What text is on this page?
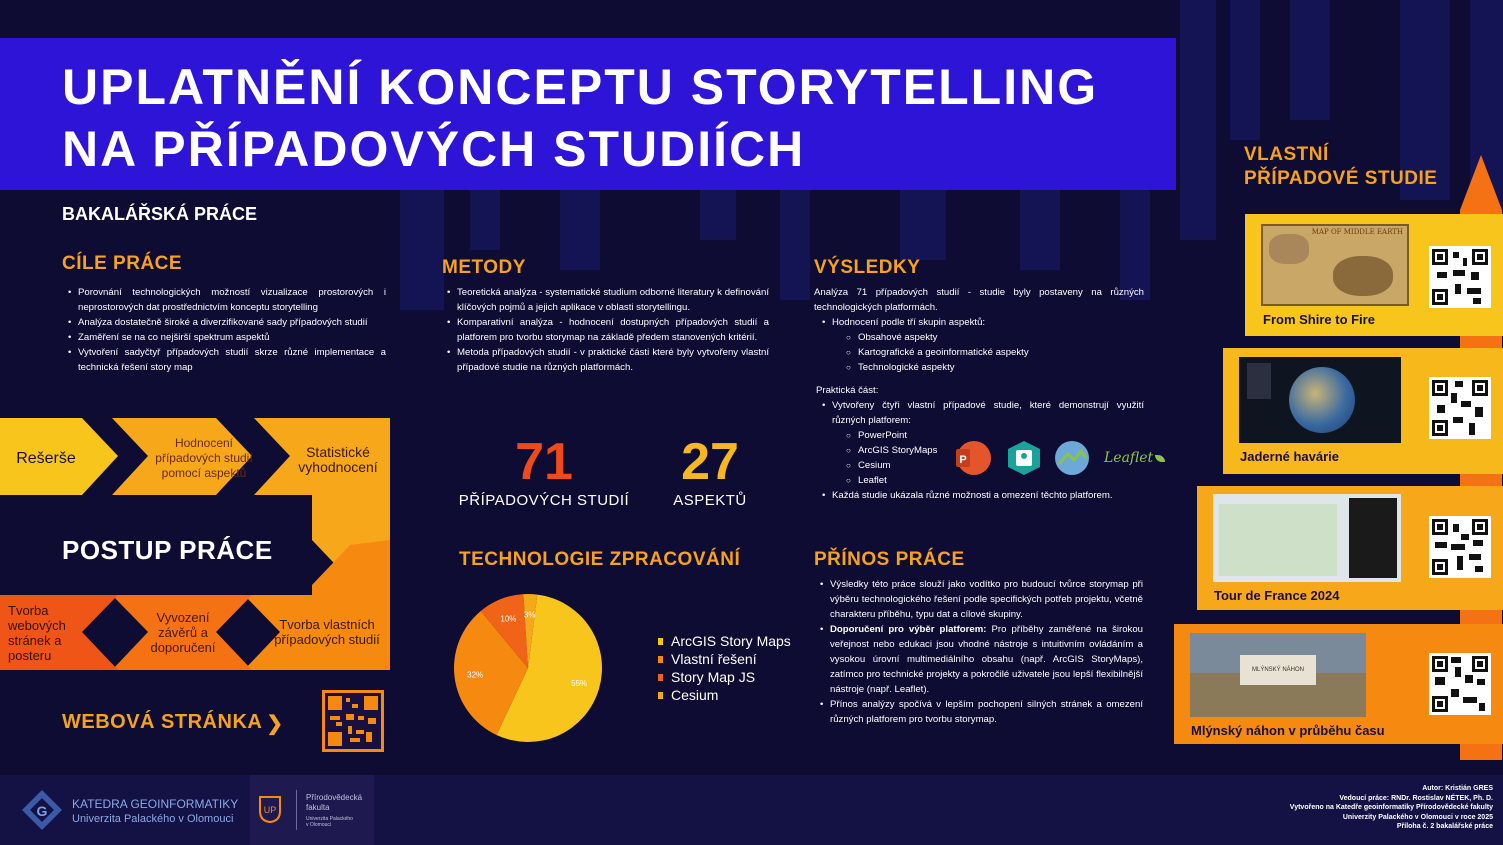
UPLATNĚNÍ KONCEPTU STORYTELLING
NA PŘÍPADOVÝCH STUDIÍCH
BAKALÁŘSKÁ PRÁCE
CÍLE PRÁCE
• Porovnání technologických možností vizualizace prostorových i neprostorových dat prostřednictvím konceptu storytelling
• Analýza dostatečně široké a diverzifikované sady případových studií
• Zaměření se na co nejširší spektrum aspektů
• Vytvoření sadyčtyř případových studií skrze různé implementace a technická řešení story map
Rešerše
Hodnocení případových studií pomocí aspektů
Statistické vyhodnocení
Tvorba vlastních případových studií
Vyvození závěrů a doporučení
Tvorba webových stránek a posteru
POSTUP PRÁCE
WEBOVÁ STRÁNKA ❯
METODY
• Teoretická analýza - systematické studium odborné literatury k definování klíčových pojmů a jejich aplikace v oblasti storytellingu.
• Komparativní analýza - hodnocení dostupných případových studií a platforem pro tvorbu storymap na základě předem stanovených kritérií.
• Metoda případových studií - v praktické části které byly vytvořeny vlastní případové studie na různých platformách.
71
PŘÍPADOVÝCH STUDIÍ
27
ASPEKTŮ
TECHNOLOGIE ZPRACOVÁNÍ
55%
32%
10% 3%
ArcGIS Story Maps
Vlastní řešení
Story Map JS
Cesium
VÝSLEDKY

Analýza 71 případových studií - studie byly postaveny na různých technologických platformách.

• Hodnocení podle tří skupin aspektů:
○ Obsahové aspekty
○ Kartografické a geoinformatické aspekty
○ Technologické aspekty

Praktická část:

• Vytvořeny čtyři vlastní případové studie, které demonstrují využití různých platforem:
○ PowerPoint
○ ArcGIS StoryMaps
○ Cesium
○ Leaflet
• Každá studie ukázala různé možnosti a omezení těchto platforem.
P	Leaflet
PŘÍNOS PRÁCE
• Výsledky této práce slouží jako vodítko pro budoucí tvůrce storymap při výběru technologického řešení podle specifických potřeb projektu, včetně charakteru příběhu, typu dat a cílové skupiny.
• Doporučení pro výběr platforem: Pro příběhy zaměřené na širokou veřejnost nebo edukaci jsou vhodné nástroje s intuitivním ovládáním a vysokou úrovní multimediálního obsahu (např. ArcGIS StoryMaps), zatímco pro technické projekty a pokročilé uživatele jsou lepší flexibilnější nástroje (např. Leaflet).
• Přínos analýzy spočívá v lepším pochopení silných stránek a omezení různých platforem pro tvorbu storymap.
VLASTNÍ
PŘÍPADOVÉ STUDIE
MAP OF MIDDLE EARTH
From Shire to Fire
Jaderné havárie
Tour de France 2024
MLÝNSKÝ NÁHON
Mlýnský náhon v průběhu času
G KATEDRA GEOINFORMATIKY
Univerzita Palackého v Olomouci
UP
Přírodovědecká
fakulta
Univerzita Palackého
v Olomouci
Autor: Kristián GRES
Vedoucí práce: RNDr. Rostislav NÉTEK, Ph. D.
Vytvořeno na Katedře geoinformatiky Přírodovědecké fakulty
Univerzity Palackého v Olomouci v roce 2025
Příloha č. 2 bakalářské práce
